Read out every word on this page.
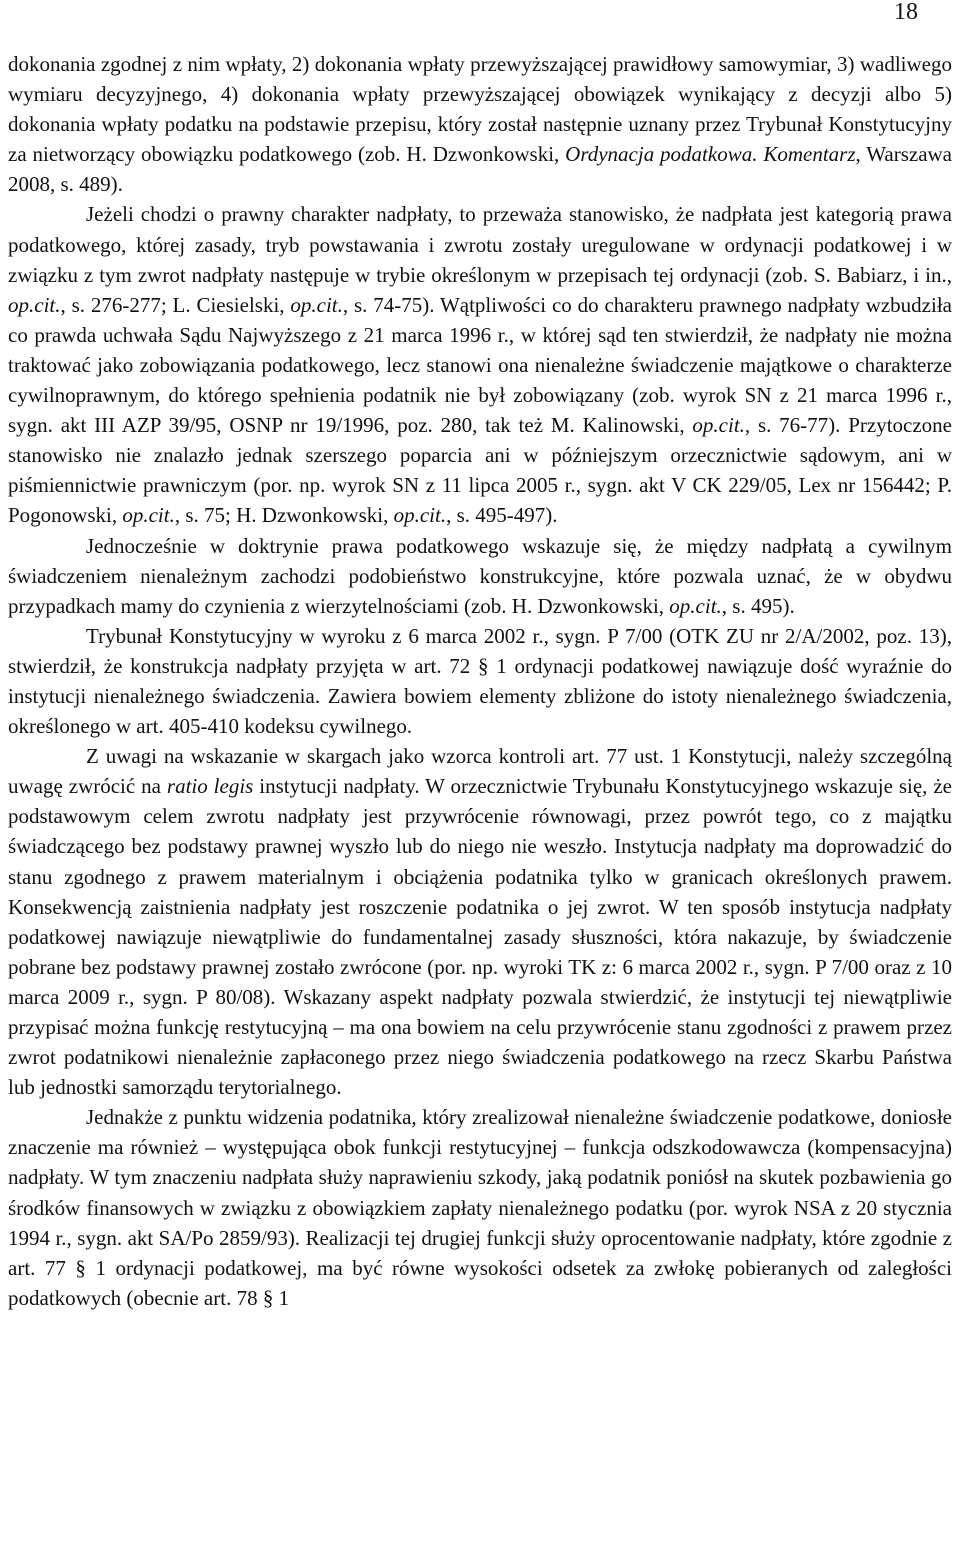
18

dokonania zgodnej z nim wpłaty, 2) dokonania wpłaty przewyższającej prawidłowy samowymiar, 3) wadliwego wymiaru decyzyjnego, 4) dokonania wpłaty przewyższającej obowiązek wynikający z decyzji albo 5) dokonania wpłaty podatku na podstawie przepisu, który został następnie uznany przez Trybunał Konstytucyjny za nietworzący obowiązku podatkowego (zob. H. Dzwonkowski, Ordynacja podatkowa. Komentarz, Warszawa 2008, s. 489).

Jeżeli chodzi o prawny charakter nadpłaty, to przeważa stanowisko, że nadpłata jest kategorią prawa podatkowego, której zasady, tryb powstawania i zwrotu zostały uregulowane w ordynacji podatkowej i w związku z tym zwrot nadpłaty następuje w trybie określonym w przepisach tej ordynacji (zob. S. Babiarz, i in., op.cit., s. 276-277; L. Ciesielski, op.cit., s. 74-75). Wątpliwości co do charakteru prawnego nadpłaty wzbudziła co prawda uchwała Sądu Najwyższego z 21 marca 1996 r., w której sąd ten stwierdził, że nadpłaty nie można traktować jako zobowiązania podatkowego, lecz stanowi ona nienależne świadczenie majątkowe o charakterze cywilnoprawnym, do którego spełnienia podatnik nie był zobowiązany (zob. wyrok SN z 21 marca 1996 r., sygn. akt III AZP 39/95, OSNP nr 19/1996, poz. 280, tak też M. Kalinowski, op.cit., s. 76-77). Przytoczone stanowisko nie znalazło jednak szerszego poparcia ani w późniejszym orzecznictwie sądowym, ani w piśmiennictwie prawniczym (por. np. wyrok SN z 11 lipca 2005 r., sygn. akt V CK 229/05, Lex nr 156442; P. Pogonowski, op.cit., s. 75; H. Dzwonkowski, op.cit., s. 495-497).

Jednocześnie w doktrynie prawa podatkowego wskazuje się, że między nadpłatą a cywilnym świadczeniem nienależnym zachodzi podobieństwo konstrukcyjne, które pozwala uznać, że w obydwu przypadkach mamy do czynienia z wierzytelnościami (zob. H. Dzwonkowski, op.cit., s. 495).

Trybunał Konstytucyjny w wyroku z 6 marca 2002 r., sygn. P 7/00 (OTK ZU nr 2/A/2002, poz. 13), stwierdził, że konstrukcja nadpłaty przyjęta w art. 72 § 1 ordynacji podatkowej nawiązuje dość wyraźnie do instytucji nienależnego świadczenia. Zawiera bowiem elementy zbliżone do istoty nienależnego świadczenia, określonego w art. 405-410 kodeksu cywilnego.

Z uwagi na wskazanie w skargach jako wzorca kontroli art. 77 ust. 1 Konstytucji, należy szczególną uwagę zwrócić na ratio legis instytucji nadpłaty. W orzecznictwie Trybunału Konstytucyjnego wskazuje się, że podstawowym celem zwrotu nadpłaty jest przywrócenie równowagi, przez powrót tego, co z majątku świadczącego bez podstawy prawnej wyszło lub do niego nie weszło. Instytucja nadpłaty ma doprowadzić do stanu zgodnego z prawem materialnym i obciążenia podatnika tylko w granicach określonych prawem. Konsekwencją zaistnienia nadpłaty jest roszczenie podatnika o jej zwrot. W ten sposób instytucja nadpłaty podatkowej nawiązuje niewątpliwie do fundamentalnej zasady słuszności, która nakazuje, by świadczenie pobrane bez podstawy prawnej zostało zwrócone (por. np. wyroki TK z: 6 marca 2002 r., sygn. P 7/00 oraz z 10 marca 2009 r., sygn. P 80/08). Wskazany aspekt nadpłaty pozwala stwierdzić, że instytucji tej niewątpliwie przypisać można funkcję restytucyjną – ma ona bowiem na celu przywrócenie stanu zgodności z prawem przez zwrot podatnikowi nienależnie zapłaconego przez niego świadczenia podatkowego na rzecz Skarbu Państwa lub jednostki samorządu terytorialnego.

Jednakże z punktu widzenia podatnika, który zrealizował nienależne świadczenie podatkowe, doniosłe znaczenie ma również – występująca obok funkcji restytucyjnej – funkcja odszkodowawcza (kompensacyjna) nadpłaty. W tym znaczeniu nadpłata służy naprawieniu szkody, jaką podatnik poniósł na skutek pozbawienia go środków finansowych w związku z obowiązkiem zapłaty nienależnego podatku (por. wyrok NSA z 20 stycznia 1994 r., sygn. akt SA/Po 2859/93). Realizacji tej drugiej funkcji służy oprocentowanie nadpłaty, które zgodnie z art. 77 § 1 ordynacji podatkowej, ma być równe wysokości odsetek za zwłokę pobieranych od zaległości podatkowych (obecnie art. 78 § 1
